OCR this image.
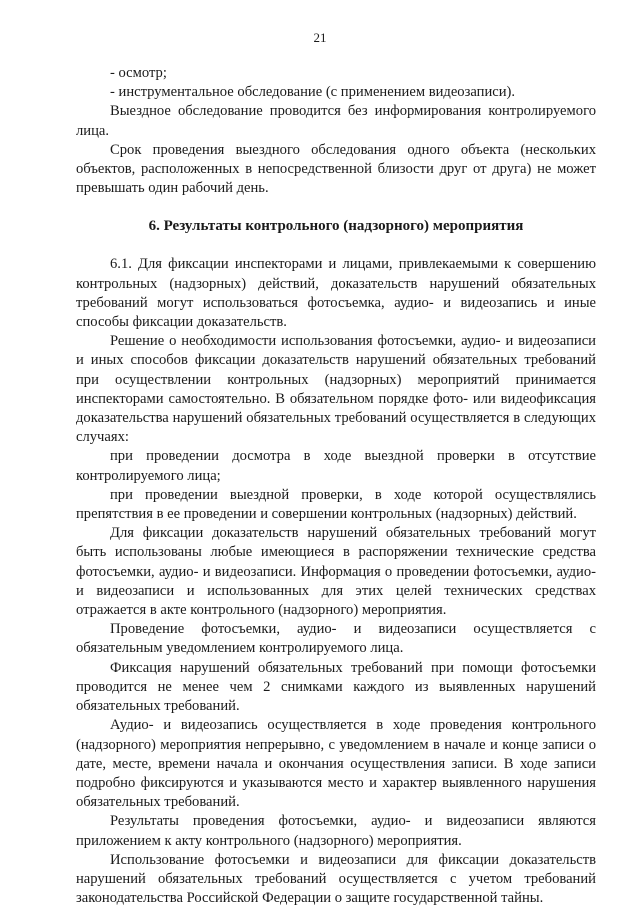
21

- осмотр;

- инструментальное обследование (с применением видеозаписи).

Выездное обследование проводится без информирования контролируемого лица.

Срок проведения выездного обследования одного объекта (нескольких объектов, расположенных в непосредственной близости друг от друга) не может превышать один рабочий день.

6. Результаты контрольного (надзорного) мероприятия

6.1. Для фиксации инспекторами и лицами, привлекаемыми к совершению контрольных (надзорных) действий, доказательств нарушений обязательных требований могут использоваться фотосъемка, аудио- и видеозапись и иные способы фиксации доказательств.

Решение о необходимости использования фотосъемки, аудио- и видеозаписи и иных способов фиксации доказательств нарушений обязательных требований при осуществлении контрольных (надзорных) мероприятий принимается инспекторами самостоятельно. В обязательном порядке фото- или видеофиксация доказательства нарушений обязательных требований осуществляется в следующих случаях:

при проведении досмотра в ходе выездной проверки в отсутствие контролируемого лица;

при проведении выездной проверки, в ходе которой осуществлялись препятствия в ее проведении и совершении контрольных (надзорных) действий.

Для фиксации доказательств нарушений обязательных требований могут быть использованы любые имеющиеся в распоряжении технические средства фотосъемки, аудио- и видеозаписи. Информация о проведении фотосъемки, аудио- и видеозаписи и использованных для этих целей технических средствах отражается в акте контрольного (надзорного) мероприятия.

Проведение фотосъемки, аудио- и видеозаписи осуществляется с обязательным уведомлением контролируемого лица.

Фиксация нарушений обязательных требований при помощи фотосъемки проводится не менее чем 2 снимками каждого из выявленных нарушений обязательных требований.

Аудио- и видеозапись осуществляется в ходе проведения контрольного (надзорного) мероприятия непрерывно, с уведомлением в начале и конце записи о дате, месте, времени начала и окончания осуществления записи. В ходе записи подробно фиксируются и указываются место и характер выявленного нарушения обязательных требований.

Результаты проведения фотосъемки, аудио- и видеозаписи являются приложением к акту контрольного (надзорного) мероприятия.

Использование фотосъемки и видеозаписи для фиксации доказательств нарушений обязательных требований осуществляется с учетом требований законодательства Российской Федерации о защите государственной тайны.
